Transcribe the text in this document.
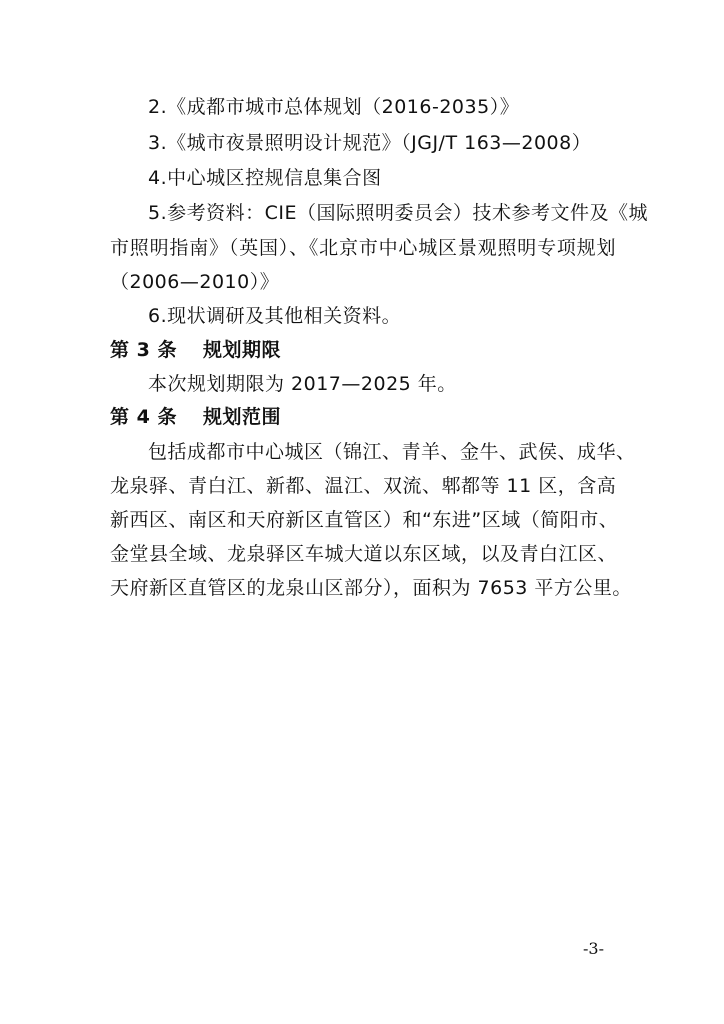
2.《成都市城市总体规划（2016-2035）》
3.《城市夜景照明设计规范》（JGJ/T 163—2008）
4.中心城区控规信息集合图
5.参考资料：CIE（国际照明委员会）技术参考文件及《城
市照明指南》（英国）、《北京市中心城区景观照明专项规划
（2006—2010）》
6.现状调研及其他相关资料。
第 3 条 规划期限
本次规划期限为 2017—2025 年。
第 4 条 规划范围
包括成都市中心城区（锦江、青羊、金牛、武侯、成华、
龙泉驿、青白江、新都、温江、双流、郫都等 11 区，含高
新西区、南区和天府新区直管区）和“东进”区域（简阳市、
金堂县全域、龙泉驿区车城大道以东区域，以及青白江区、
天府新区直管区的龙泉山区部分），面积为 7653 平方公里。
-3-
